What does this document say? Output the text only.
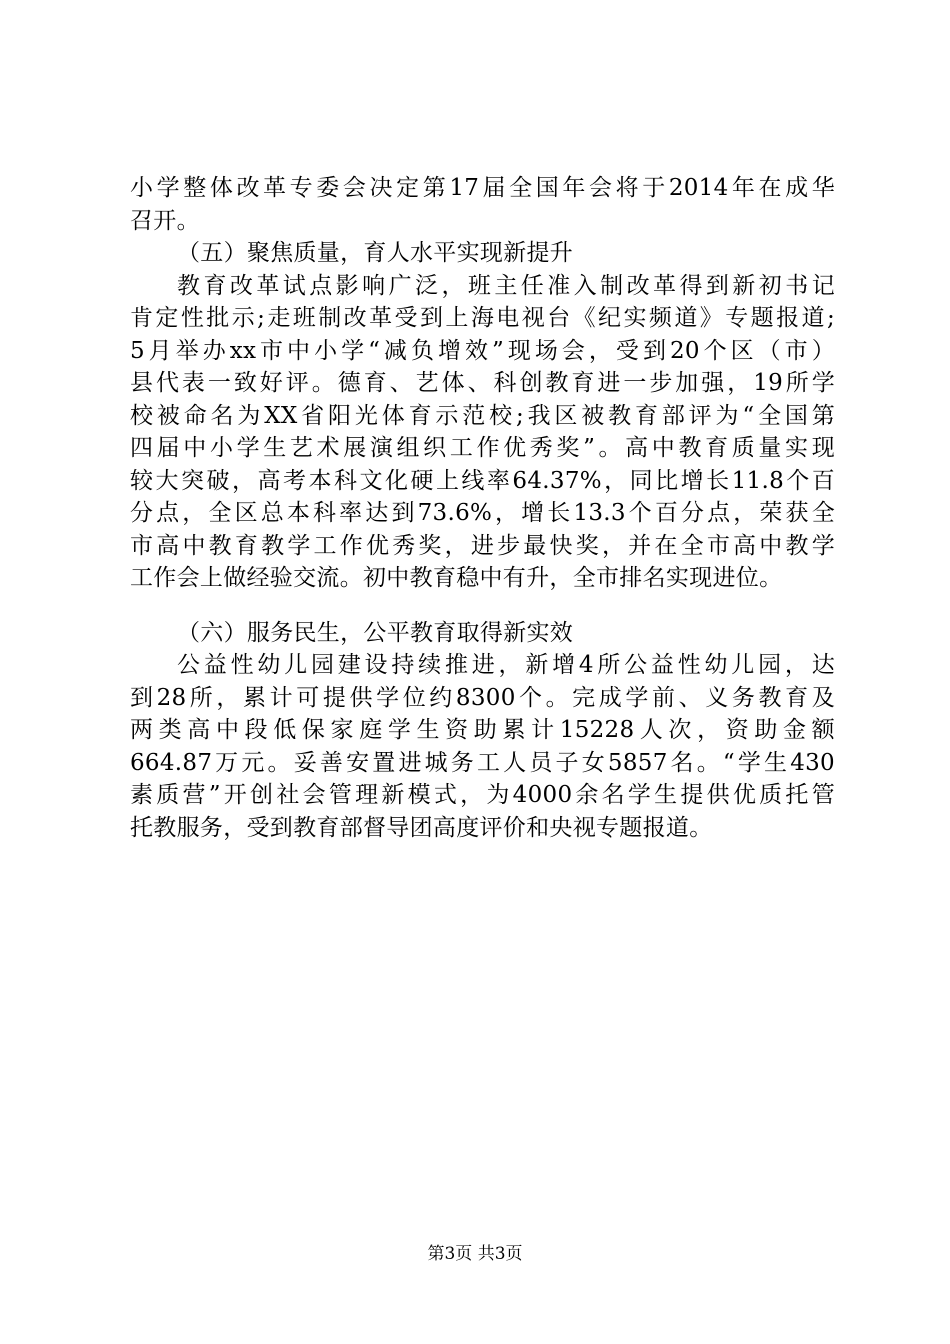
小学整体改革专委会决定第17届全国年会将于2014年在成华
召开。
（五）聚焦质量，育人水平实现新提升
教育改革试点影响广泛，班主任准入制改革得到新初书记
肯定性批示;走班制改革受到上海电视台《纪实频道》专题报道;
5月举办xx市中小学“减负增效”现场会，受到20个区（市）
县代表一致好评。德育、艺体、科创教育进一步加强，19所学
校被命名为XX省阳光体育示范校;我区被教育部评为“全国第
四届中小学生艺术展演组织工作优秀奖”。高中教育质量实现
较大突破，高考本科文化硬上线率64.37%，同比增长11.8个百
分点，全区总本科率达到73.6%，增长13.3个百分点，荣获全
市高中教育教学工作优秀奖，进步最快奖，并在全市高中教学
工作会上做经验交流。初中教育稳中有升，全市排名实现进位。
（六）服务民生，公平教育取得新实效
公益性幼儿园建设持续推进，新增4所公益性幼儿园，达
到28所，累计可提供学位约8300个。完成学前、义务教育及
两类高中段低保家庭学生资助累计15228人次，资助金额
664.87万元。妥善安置进城务工人员子女5857名。“学生430
素质营”开创社会管理新模式，为4000余名学生提供优质托管
托教服务，受到教育部督导团高度评价和央视专题报道。
第3页 共3页
